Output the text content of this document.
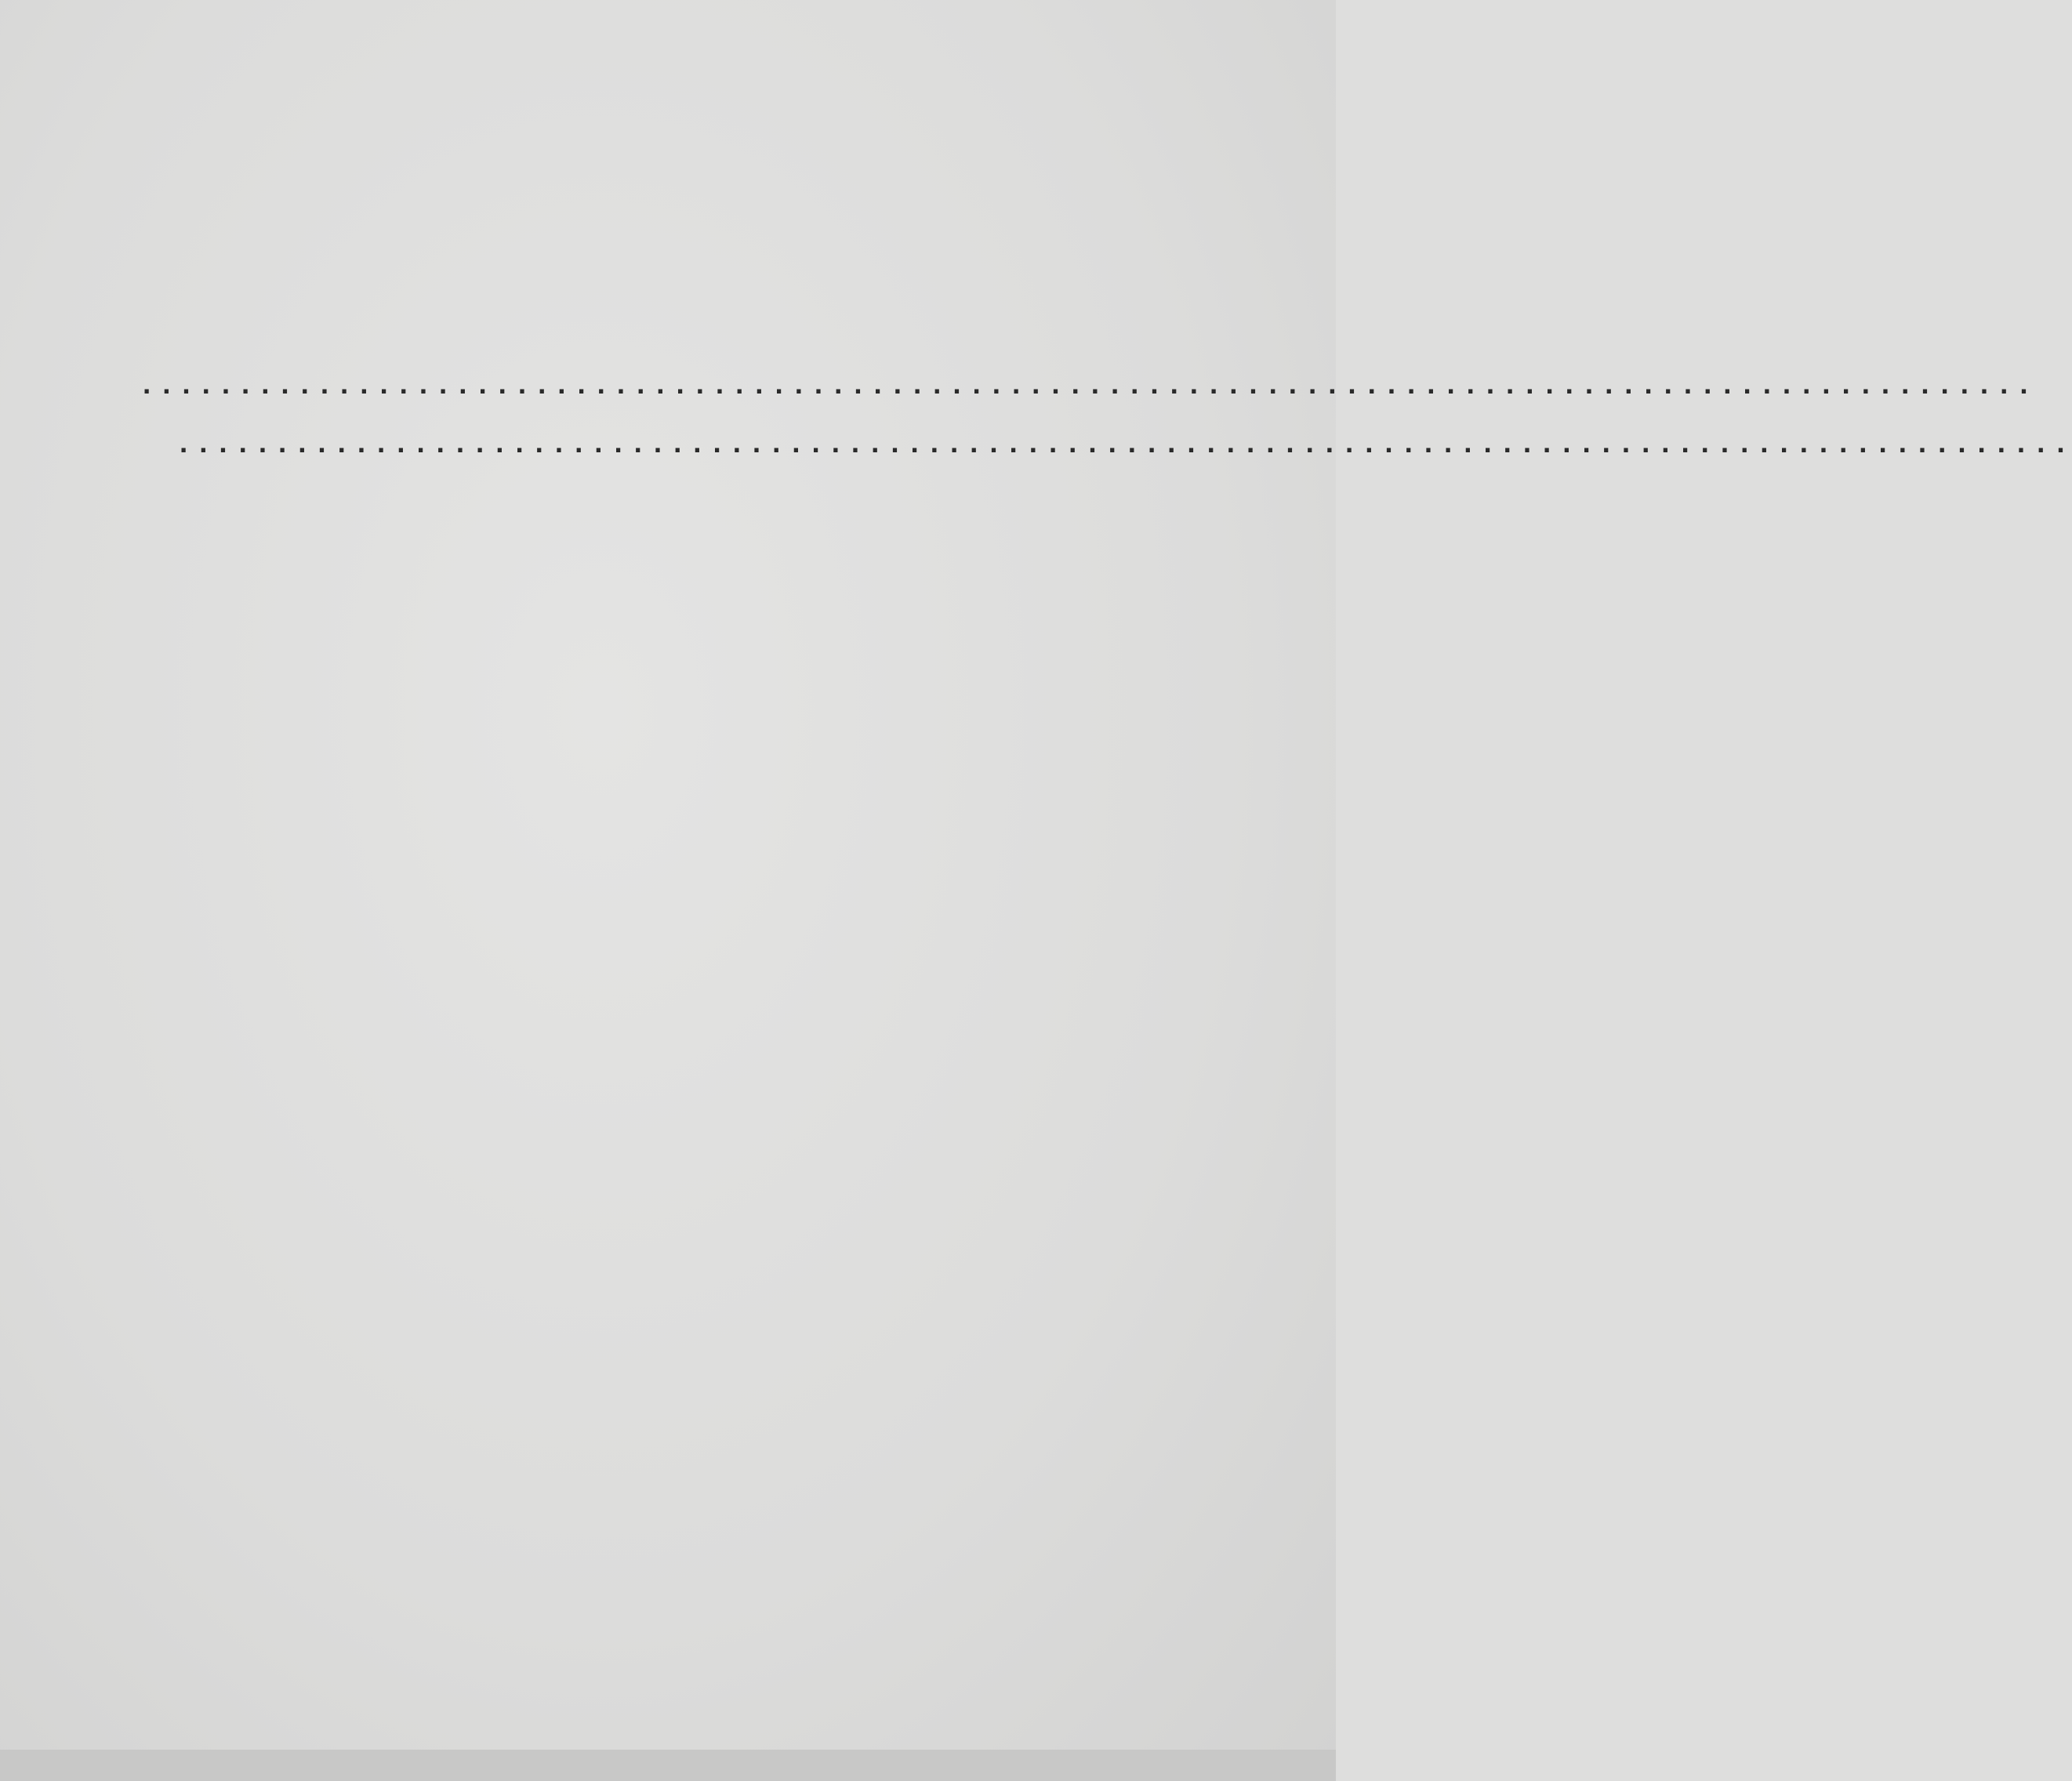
................................................................................................
................................................................................................
